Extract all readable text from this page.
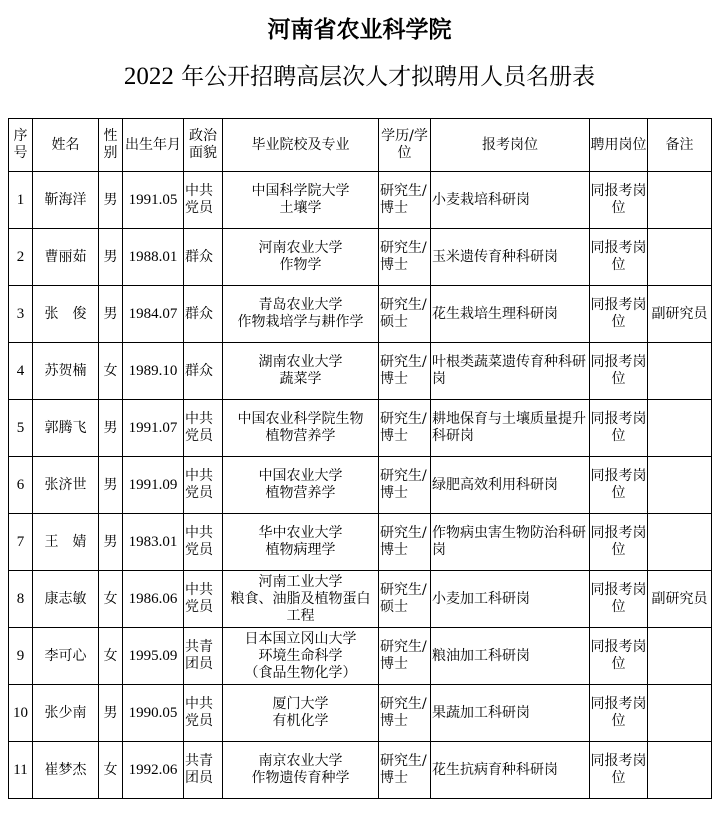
河南省农业科学院
2022 年公开招聘高层次人才拟聘用人员名册表
序号	姓名	性别	出生年月	政治面貌	毕业院校及专业	学历/学位	报考岗位	聘用岗位	备注
1	靳海洋	男	1991.05	中共党员	中国科学院大学
土壤学	研究生/博士	小麦栽培科研岗	同报考岗位	
2	曹丽茹	男	1988.01	群众	河南农业大学
作物学	研究生/博士	玉米遗传育种科研岗	同报考岗位	
3	张　俊	男	1984.07	群众	青岛农业大学
作物栽培学与耕作学	研究生/硕士	花生栽培生理科研岗	同报考岗位	副研究员
4	苏贺楠	女	1989.10	群众	湖南农业大学
蔬菜学	研究生/博士	叶根类蔬菜遗传育种科研岗	同报考岗位	
5	郭腾飞	男	1991.07	中共党员	中国农业科学院生物
植物营养学	研究生/博士	耕地保育与土壤质量提升科研岗	同报考岗位	
6	张济世	男	1991.09	中共党员	中国农业大学
植物营养学	研究生/博士	绿肥高效利用科研岗	同报考岗位	
7	王　婧	男	1983.01	中共党员	华中农业大学
植物病理学	研究生/博士	作物病虫害生物防治科研岗	同报考岗位	
8	康志敏	女	1986.06	中共党员	河南工业大学
粮食、油脂及植物蛋白
工程	研究生/硕士	小麦加工科研岗	同报考岗位	副研究员
9	李可心	女	1995.09	共青团员	日本国立冈山大学
环境生命科学
（食品生物化学）	研究生/博士	粮油加工科研岗	同报考岗位	
10	张少南	男	1990.05	中共党员	厦门大学
有机化学	研究生/博士	果蔬加工科研岗	同报考岗位	
11	崔梦杰	女	1992.06	共青团员	南京农业大学
作物遗传育种学	研究生/博士	花生抗病育种科研岗	同报考岗位	
